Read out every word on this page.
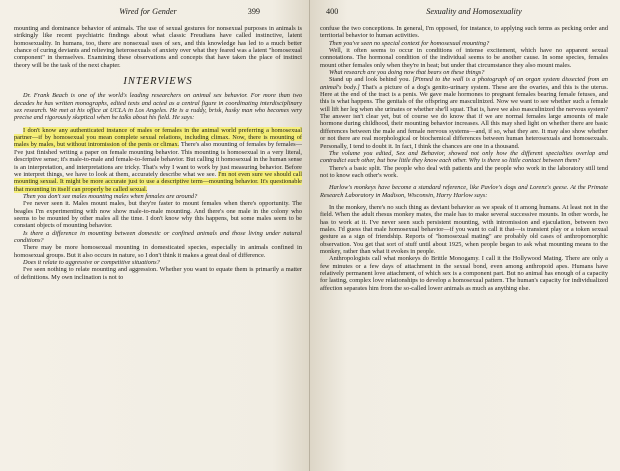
Wired for Gender	399

mounting and dominance behavior of animals. The use of sexual gestures for nonsexual purposes in animals is strikingly like recent psychiatric findings about what classic Freudians have called instinctive, latent homosexuality. In humans, too, there are nonsexual uses of sex, and this knowledge has led to a much better chance of curing deviants and relieving heterosexuals of anxiety over what they feared was a latent "homosexual component" in themselves. Examining these observations and concepts that have taken the place of instinct theory will be the task of the next chapter.

INTERVIEWS

Dr. Frank Beach is one of the world's leading researchers on animal sex behavior. For more than two decades he has written monographs, edited texts and acted as a central figure in coordinating interdisciplinary sex research. We met at his office at UCLA in Los Angeles. He is a ruddy, brisk, husky man who becomes very precise and rigorously skeptical when he talks about his field. He says:

I don't know any authenticated instance of males or females in the animal world preferring a homosexual partner—if by homosexual you mean complete sexual relations, including climax. Now, there is mounting of males by males, but without intromission of the penis or climax. There's also mounting of females by females—I've just finished writing a paper on female mounting behavior. This mounting is homosexual in a very literal, descriptive sense; it's male-to-male and female-to-female behavior. But calling it homosexual in the human sense is an interpretation, and interpretations are tricky. That's why I want to work by just measuring behavior. Before we interpret things, we have to look at them, accurately describe what we see. I'm not even sure we should call mounting sexual. It might be more accurate just to use a descriptive term—mounting behavior. It's questionable that mounting in itself can properly be called sexual.

Then you don't see males mounting males when females are around?

I've never seen it. Males mount males, but they're faster to mount females when there's opportunity. The beagles I'm experimenting with now show male-to-male mounting. And there's one male in the colony who seems to be mounted by other males all the time. I don't know why this happens, but some males seem to be constant objects of mounting behavior.

Is there a difference in mounting between domestic or confined animals and those living under natural conditions?

There may be more homosexual mounting in domesticated species, especially in animals confined in homosexual groups. But it also occurs in nature, so I don't think it makes a great deal of difference.

Does it relate to aggressive or competitive situations?

I've seen nothing to relate mounting and aggression. Whether you want to equate them is primarily a matter of definitions. My own inclination is not to

400	Sexuality and Homosexuality

confuse the two conceptions. In general, I'm opposed, for instance, to applying such terms as pecking order and territorial behavior to human activities.

Then you've seen no special context for homosexual mounting?

Well, it often seems to occur in conditions of intense excitement, which have no apparent sexual connotations. The hormonal condition of the individual seems to be another cause. In some species, females mount other females only when they're in heat; but under that circumstance they also mount males.

What research are you doing now that bears on these things?

Stand up and look behind you. [Pinned to the wall is a photograph of an organ system dissected from an animal's body.] That's a picture of a dog's genito-urinary system. These are the ovaries, and this is the uterus. Here at the end of the tract is a penis. We gave male hormones to pregnant females bearing female fetuses, and this is what happens. The genitals of the offspring are masculinized. Now we want to see whether such a female will lift her leg when she urinates or whether she'll squat. That is, have we also masculinized the nervous system? The answer isn't clear yet, but of course we do know that if we are normal females large amounts of male hormone during childhood, their mounting behavior increases. All this may shed light on whether there are basic differences between the male and female nervous systems—and, if so, what they are. It may also show whether or not there are real morphological or biochemical differences between human heterosexuals and homosexuals. Personally, I tend to doubt it. In fact, I think the chances are one in a thousand.

The volume you edited, Sex and Behavior, showed not only how the different specialties overlap and contradict each other, but how little they know each other. Why is there so little contact between them?

There's a basic split. The people who deal with patients and the people who work in the laboratory still tend not to know each other's work.

Harlow's monkeys have become a standard reference, like Pavlov's dogs and Lorenz's geese. At the Primate Research Laboratory in Madison, Wisconsin, Harry Harlow says:

In the monkey, there's no such thing as deviant behavior as we speak of it among humans. At least not in the field. When the adult rhesus monkey mates, the male has to make several successive mounts. In other words, he has to work at it. I've never seen such persistent mounting, with intromission and ejaculation, between two males. I'd guess that male homosexual behavior—if you want to call it that—is transient play or a token sexual gesture as a sign of friendship. Reports of "homosexual mating" are probably old cases of anthropomorphic observation. You get that sort of stuff until about 1925, when people began to ask what mounting means to the monkey, rather than what it evokes in people.

Anthropologists call what monkeys do Brittle Monogamy. I call it the Hollywood Mating. There are only a few minutes or a few days of attachment in the sexual bond, even among anthropoid apes. Humans have relatively permanent love attachment, of which sex is a component part. But no animal has enough of a capacity for lasting, complex love relationships to develop a homosexual pattern. The human's capacity for individualized affection separates him from the so-called lower animals as much as anything else.
